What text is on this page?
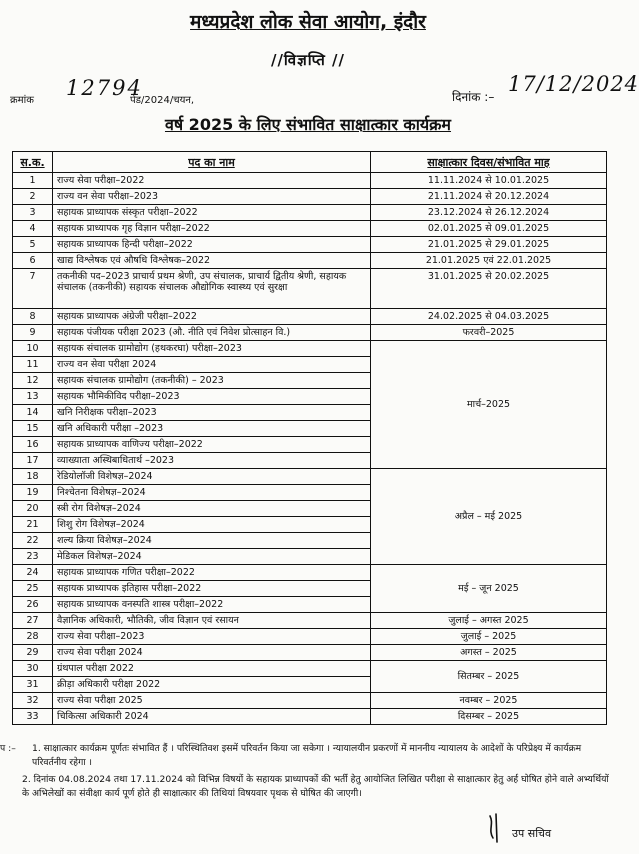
मध्यप्रदेश लोक सेवा आयोग, इंदौर
//विज्ञप्ति //
क्रमांक
12794
पेड/2024/चयन,	दिनांक :–
17/12/2024
वर्ष 2025 के लिए संभावित साक्षात्कार कार्यक्रम
स.क.	पद का नाम	साक्षात्कार दिवस/संभावित माह
1	राज्य सेवा परीक्षा–2022	11.11.2024 से 10.01.2025
2	राज्य वन सेवा परीक्षा–2023	21.11.2024 से 20.12.2024
3	सहायक प्राध्यापक संस्कृत परीक्षा–2022	23.12.2024 से 26.12.2024
4	सहायक प्राध्यापक गृह विज्ञान परीक्षा–2022	02.01.2025 से 09.01.2025
5	सहायक प्राध्यापक हिन्दी परीक्षा–2022	21.01.2025 से 29.01.2025
6	खाद्य विश्लेषक एवं औषधि विश्लेषक–2022	21.01.2025 एवं 22.01.2025
7	तकनीकी पद–2023 प्राचार्य प्रथम श्रेणी, उप संचालक, प्राचार्य द्वितीय श्रेणी, सहायक संचालक (तकनीकी) सहायक संचालक औद्योगिक स्वास्थ्य एवं सुरक्षा	31.01.2025 से 20.02.2025
8	सहायक प्राध्यापक अंग्रेजी परीक्षा–2022	24.02.2025 से 04.03.2025
9	सहायक पंजीयक परीक्षा 2023 (औ. नीति एवं निवेश प्रोत्साहन वि.)	फरवरी–2025
10	सहायक संचालक ग्रामोद्योग (हथकरघा) परीक्षा–2023	मार्च–2025
11	राज्य वन सेवा परीक्षा 2024	
12	सहायक संचालक ग्रामोद्योग (तकनीकी) – 2023	
13	सहायक भौमिकीविद परीक्षा–2023	
14	खनि निरीक्षक परीक्षा–2023	
15	खनि अधिकारी परीक्षा –2023	
16	सहायक प्राध्यापक वाणिज्य परीक्षा–2022	
17	व्याख्याता अस्थिबाधितार्थ –2023	
18	रेडियोलॉजी विशेषज्ञ–2024	अप्रैल – मई 2025
19	निश्चेतना विशेषज्ञ–2024	
20	स्त्री रोग विशेषज्ञ–2024	
21	शिशु रोग विशेषज्ञ–2024	
22	शल्य क्रिया विशेषज्ञ–2024	
23	मेडिकल विशेषज्ञ–2024	
24	सहायक प्राध्यापक गणित परीक्षा–2022	मई – जून 2025
25	सहायक प्राध्यापक इतिहास परीक्षा–2022	
26	सहायक प्राध्यापक वनस्पति शास्त्र परीक्षा–2022	
27	वैज्ञानिक अधिकारी, भौतिकी, जीव विज्ञान एवं रसायन	जुलाई – अगस्त 2025
28	राज्य सेवा परीक्षा–2023	जुलाई – 2025
29	राज्य सेवा परीक्षा 2024	अगस्त – 2025
30	ग्रंथपाल परीक्षा 2022	सितम्बर – 2025
31	क्रीड़ा अधिकारी परीक्षा 2022	
32	राज्य सेवा परीक्षा 2025	नवम्बर – 2025
33	चिकित्सा अधिकारी 2024	दिसम्बर – 2025
प :– 1. साक्षात्कार कार्यक्रम पूर्णतः संभावित हैं । परिस्थितिवश इसमें परिवर्तन किया जा सकेगा । न्यायालयीन प्रकरणों में माननीय न्यायालय के आदेशों के परिप्रेक्ष्य में कार्यक्रम परिवर्तनीय रहेगा ।
2. दिनांक 04.08.2024 तथा 17.11.2024 को विभिन्न विषयों के सहायक प्राध्यापकों की भर्ती हेतु आयोजित लिखित परीक्षा से साक्षात्कार हेतु अर्ह घोषित होने वाले अभ्यर्थियों के अभिलेखों का संवीक्षा कार्य पूर्ण होते ही साक्षात्कार की तिथियां विषयवार पृथक से घोषित की जाएगी।
उप सचिव
